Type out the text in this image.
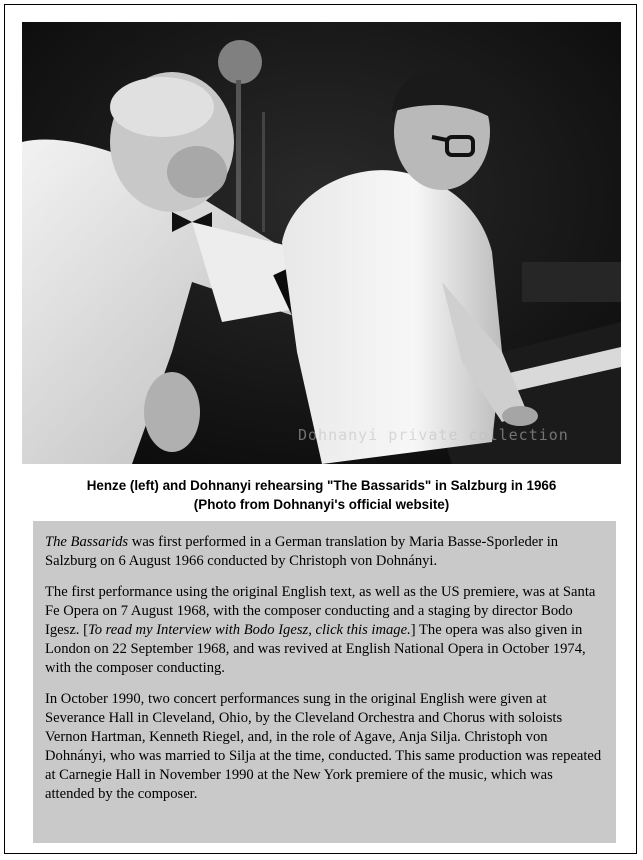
Dohnanyi private collection
Henze (left) and Dohnanyi rehearsing "The Bassarids" in Salzburg in 1966
(Photo from Dohnanyi's official website)

The Bassarids was first performed in a German translation by Maria Basse-Sporleder in Salzburg on 6 August 1966 conducted by Christoph von Dohnányi.

The first performance using the original English text, as well as the US premiere, was at Santa Fe Opera on 7 August 1968, with the composer conducting and a staging by director Bodo Igesz. [To read my Interview with Bodo Igesz, click this image.] The opera was also given in London on 22 September 1968, and was revived at English National Opera in October 1974, with the composer conducting.

In October 1990, two concert performances sung in the original English were given at Severance Hall in Cleveland, Ohio, by the Cleveland Orchestra and Chorus with soloists Vernon Hartman, Kenneth Riegel, and, in the role of Agave, Anja Silja. Christoph von Dohnányi, who was married to Silja at the time, conducted. This same production was repeated at Carnegie Hall in November 1990 at the New York premiere of the music, which was attended by the composer.
